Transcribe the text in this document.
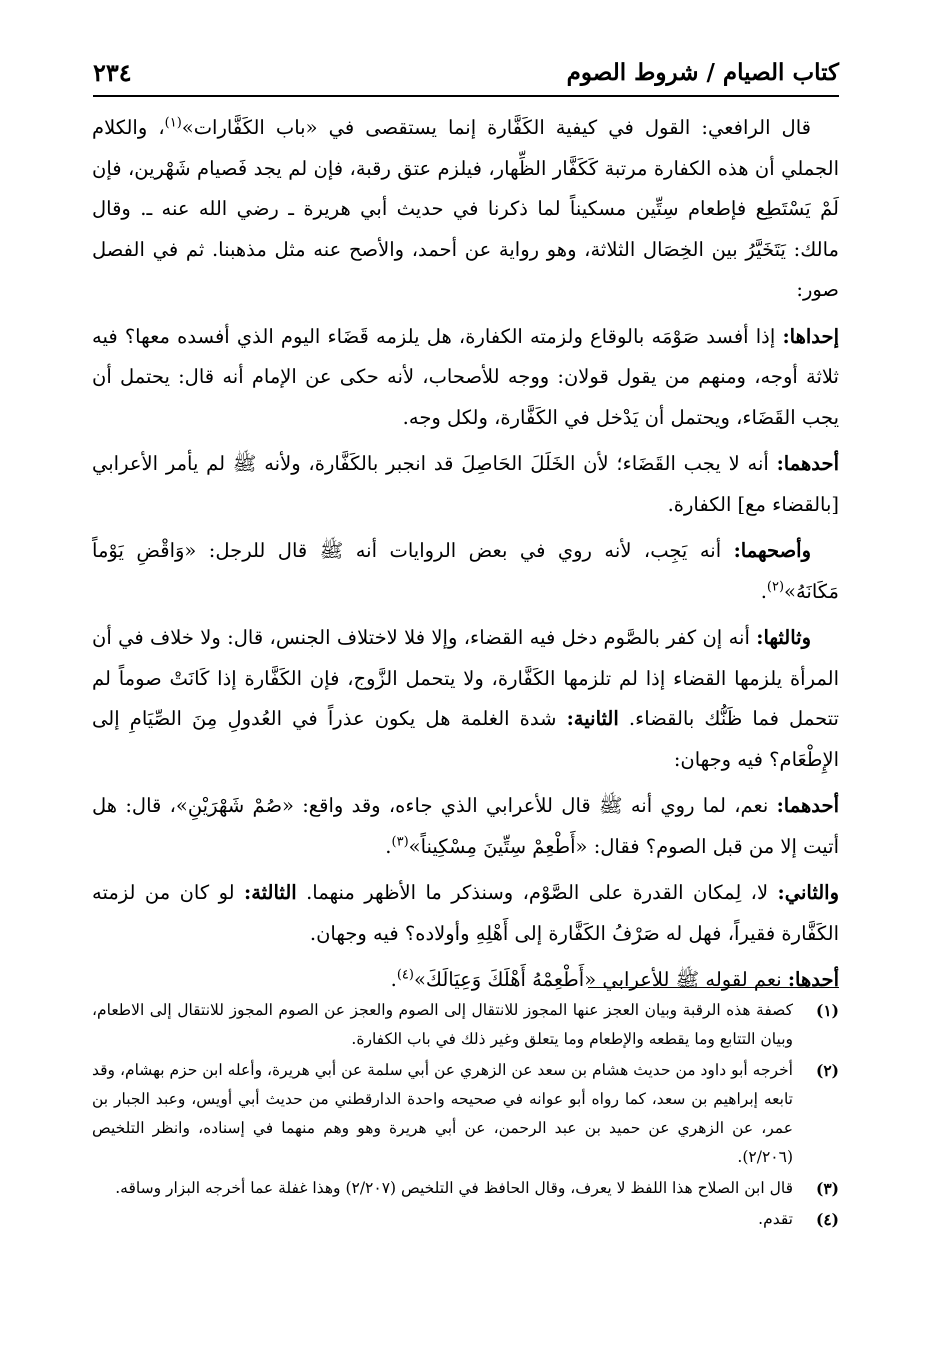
كتاب الصيام / شروط الصوم
٢٣٤

قال الرافعي: القول في كيفية الكَفَّارة إنما يستقصى في «باب الكَفَّارات»$^{(١)}$، والكلام الجملي أن هذه الكفارة مرتبة كَكَفَّار الظِّهار، فيلزم عتق رقبة، فإن لم يجد فَصيام شَهْرين، فإن لَمْ يَسْتَطِع فإطعام سِتِّين مسكيناً لما ذكرنا في حديث أبي هريرة ـ رضي الله عنه ـ. وقال مالك: يَتَخَيَّرُ بين الخِصَال الثلاثة، وهو رواية عن أحمد، والأصح عنه مثل مذهبنا. ثم في الفصل صور:

إحداها: إذا أفسد صَوْمَه بالوقاع ولزمته الكفارة، هل يلزمه قَضَاء اليوم الذي أفسده معها؟ فيه ثلاثة أوجه، ومنهم من يقول قولان: ووجه للأصحاب، لأنه حكى عن الإمام أنه قال: يحتمل أن يجب القَضَاء، ويحتمل أن يَدْخل في الكَفَّارة، ولكل وجه.

أحدهما: أنه لا يجب القَضَاء؛ لأن الخَلَلَ الحَاصِلَ قد انجبر بالكَفَّارة، ولأنه ﷺ لم يأمر الأعرابي [بالقضاء مع] الكفارة.

وأصحهما: أنه يَجِب، لأنه روي في بعض الروايات أنه ﷺ قال للرجل: «وَاقْضِ يَوْماً مَكَانَهُ»$^{(٢)}$.

وثالثها: أنه إن كفر بالصَّوم دخل فيه القضاء، وإلا فلا لاختلاف الجنس، قال: ولا خلاف في أن المرأة يلزمها القضاء إذا لم تلزمها الكَفَّارة، ولا يتحمل الزَّوج، فإن الكَفَّارة إذا كَانَتْ صوماً لم تتحمل فما ظَنُّك بالقضاء. الثانية: شدة الغلمة هل يكون عذراً في العُدولِ مِنَ الصِّيَامِ إلى الإِطْعَام؟ فيه وجهان:

أحدهما: نعم، لما روي أنه ﷺ قال للأعرابي الذي جاءه، وقد واقع: «صُمْ شَهْرَيْنِ»، قال: هل أتيت إلا من قبل الصوم؟ فقال: «أَطْعِمْ سِتِّينَ مِسْكِيناً»$^{(٣)}$.

والثاني: لا، لِمكان القدرة على الصَّوْم، وسنذكر ما الأظهر منهما. الثالثة: لو كان من لزمته الكَفَّارة فقيراً، فهل له صَرْفُ الكَفَّارة إلى أَهْلِهِ وأولاده؟ فيه وجهان.

أحدها: نعم لقوله ﷺ للأعرابي «أَطْعِمْهُ أَهْلَكَ وَعِيَالَكَ»$^{(٤)}$.

(١)
كصفة هذه الرقبة وبيان العجز عنها المجوز للانتقال إلى الصوم والعجز عن الصوم المجوز للانتقال إلى الاطعام، وبيان التتابع وما يقطعه والإطعام وما يتعلق وغير ذلك في باب الكفارة.
(٢)
أخرجه أبو داود من حديث هشام بن سعد عن الزهري عن أبي سلمة عن أبي هريرة، وأعله ابن حزم بهشام، وقد تابعه إبراهيم بن سعد، كما رواه أبو عوانه في صحيحه واحدة الدارقطني من حديث أبي أويس، وعبد الجبار بن عمر، عن الزهري عن حميد بن عبد الرحمن، عن أبي هريرة وهو وهم منهما في إسناده، وانظر التلخيص (٢/٢٠٦).
(٣)
قال ابن الصلاح هذا اللفظ لا يعرف، وقال الحافظ في التلخيص (٢/٢٠٧) وهذا غفلة عما أخرجه البزار وساقه.
(٤)
تقدم.
